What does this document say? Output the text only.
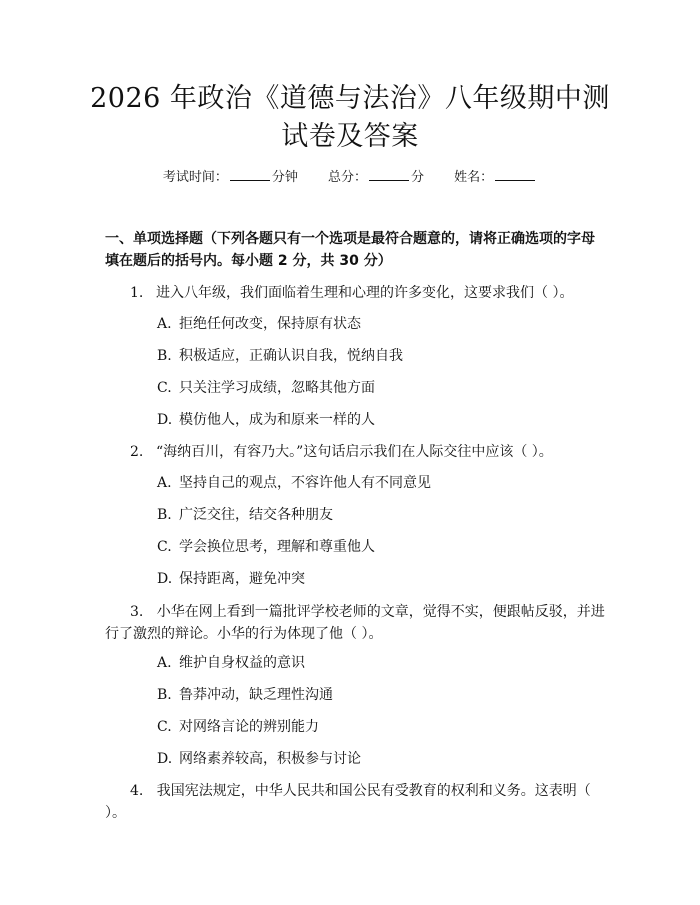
2026 年政治《道德与法治》八年级期中测试卷及答案
考试时间：	分钟 总分：	分 姓名：
一、单项选择题（下列各题只有一个选项是最符合题意的，请将正确选项的字母填在题后的括号内。每小题 2 分，共 30 分）
1. 进入八年级，我们面临着生理和心理的许多变化，这要求我们（ ）。
A. 拒绝任何改变，保持原有状态
B. 积极适应，正确认识自我，悦纳自我
C. 只关注学习成绩，忽略其他方面
D. 模仿他人，成为和原来一样的人
2. “海纳百川，有容乃大。”这句话启示我们在人际交往中应该（ ）。
A. 坚持自己的观点，不容许他人有不同意见
B. 广泛交往，结交各种朋友
C. 学会换位思考，理解和尊重他人
D. 保持距离，避免冲突
3. 小华在网上看到一篇批评学校老师的文章，觉得不实，便跟帖反驳，并进行了激烈的辩论。小华的行为体现了他（ ）。
A. 维护自身权益的意识
B. 鲁莽冲动，缺乏理性沟通
C. 对网络言论的辨别能力
D. 网络素养较高，积极参与讨论
4. 我国宪法规定，中华人民共和国公民有受教育的权利和义务。这表明（ ）。
